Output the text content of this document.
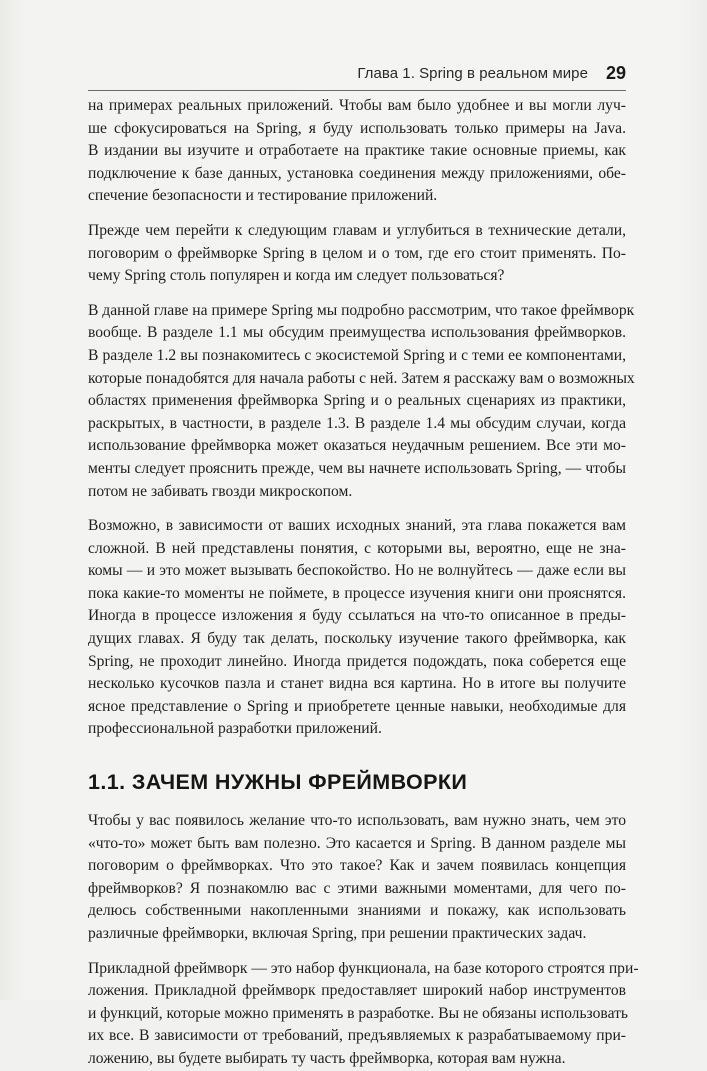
Глава 1. Spring в реальном мире 29

на примерах реальных приложений. Чтобы вам было удобнее и вы могли луч-
ше сфокусироваться на Spring, я буду использовать только примеры на Java.
В издании вы изучите и отработаете на практике такие основные приемы, как
подключение к базе данных, установка соединения между приложениями, обе-
спечение безопасности и тестирование приложений.

Прежде чем перейти к следующим главам и углубиться в технические детали,
поговорим о фреймворке Spring в целом и о том, где его стоит применять. По-
чему Spring столь популярен и когда им следует пользоваться?

В данной главе на примере Spring мы подробно рассмотрим, что такое фреймворк
вообще. В разделе 1.1 мы обсудим преимущества использования фреймворков.
В разделе 1.2 вы познакомитесь с экосистемой Spring и с теми ее компонентами,
которые понадобятся для начала работы с ней. Затем я расскажу вам о возможных
областях применения фреймворка Spring и о реальных сценариях из практики,
раскрытых, в частности, в разделе 1.3. В разделе 1.4 мы обсудим случаи, когда
использование фреймворка может оказаться неудачным решением. Все эти мо-
менты следует прояснить прежде, чем вы начнете использовать Spring, — чтобы
потом не забивать гвозди микроскопом.

Возможно, в зависимости от ваших исходных знаний, эта глава покажется вам
сложной. В ней представлены понятия, с которыми вы, вероятно, еще не зна-
комы — и это может вызывать беспокойство. Но не волнуйтесь — даже если вы
пока какие-то моменты не поймете, в процессе изучения книги они прояснятся.
Иногда в процессе изложения я буду ссылаться на что-то описанное в преды-
дущих главах. Я буду так делать, поскольку изучение такого фреймворка, как
Spring, не проходит линейно. Иногда придется подождать, пока соберется еще
несколько кусочков пазла и станет видна вся картина. Но в итоге вы получите
ясное представление о Spring и приобретете ценные навыки, необходимые для
профессиональной разработки приложений.

1.1. ЗАЧЕМ НУЖНЫ ФРЕЙМВОРКИ

Чтобы у вас появилось желание что-то использовать, вам нужно знать, чем это
«что-то» может быть вам полезно. Это касается и Spring. В данном разделе мы
поговорим о фреймворках. Что это такое? Как и зачем появилась концепция
фреймворков? Я познакомлю вас с этими важными моментами, для чего по-
делюсь собственными накопленными знаниями и покажу, как использовать
различные фреймворки, включая Spring, при решении практических задач.

Прикладной фреймворк — это набор функционала, на базе которого строятся при-
ложения. Прикладной фреймворк предоставляет широкий набор инструментов
и функций, которые можно применять в разработке. Вы не обязаны использовать
их все. В зависимости от требований, предъявляемых к разрабатываемому при-
ложению, вы будете выбирать ту часть фреймворка, которая вам нужна.
